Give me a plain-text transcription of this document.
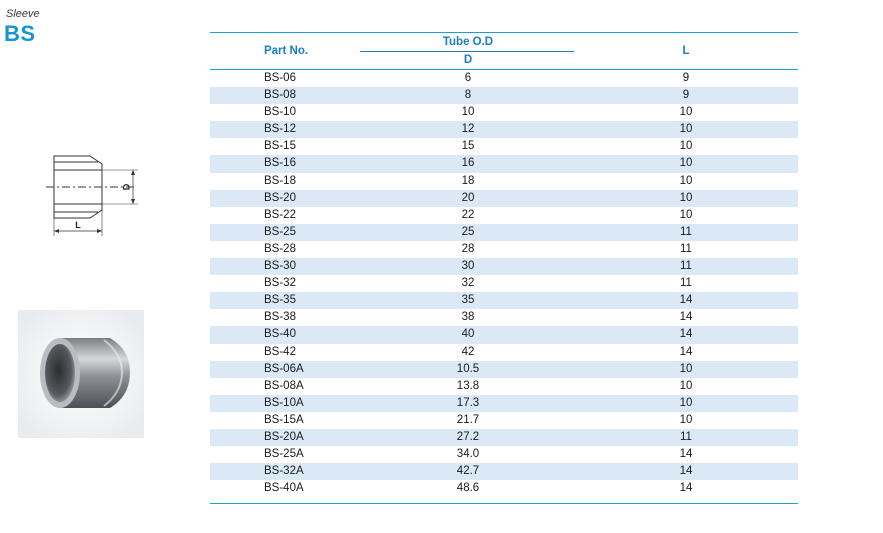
Sleeve
BS
D
L
Part No.
Tube O.D
D
L
BS-06	6	9
BS-08	8	9
BS-10	10	10
BS-12	12	10
BS-15	15	10
BS-16	16	10
BS-18	18	10
BS-20	20	10
BS-22	22	10
BS-25	25	11
BS-28	28	11
BS-30	30	11
BS-32	32	11
BS-35	35	14
BS-38	38	14
BS-40	40	14
BS-42	42	14
BS-06A	10.5	10
BS-08A	13.8	10
BS-10A	17.3	10
BS-15A	21.7	10
BS-20A	27.2	11
BS-25A	34.0	14
BS-32A	42.7	14
BS-40A	48.6	14
